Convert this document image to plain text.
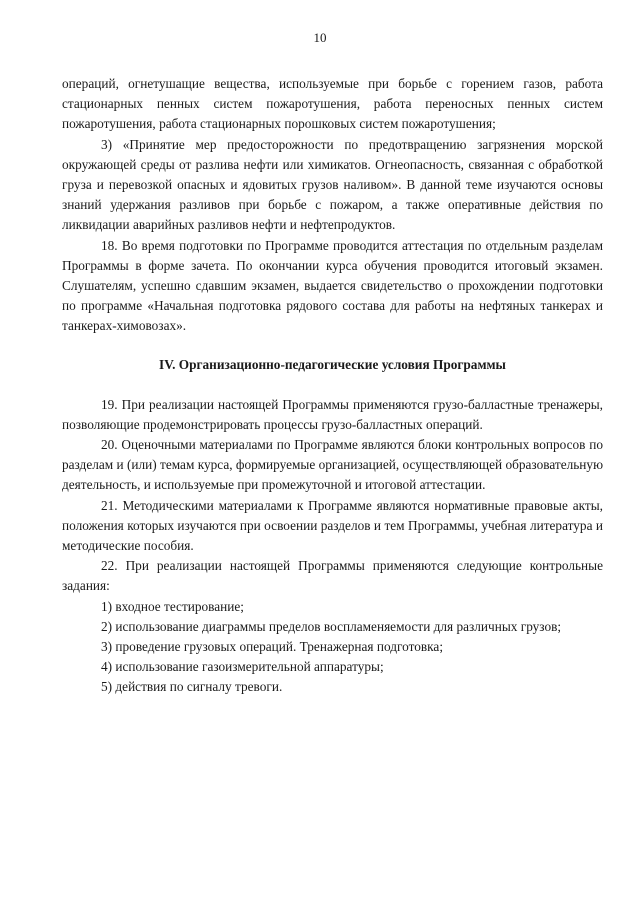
10

операций, огнетушащие вещества, используемые при борьбе с горением газов, работа стационарных пенных систем пожаротушения, работа переносных пенных систем пожаротушения, работа стационарных порошковых систем пожаротушения;

3) «Принятие мер предосторожности по предотвращению загрязнения морской окружающей среды от разлива нефти или химикатов. Огнеопасность, связанная с обработкой груза и перевозкой опасных и ядовитых грузов наливом». В данной теме изучаются основы знаний удержания разливов при борьбе с пожаром, а также оперативные действия по ликвидации аварийных разливов нефти и нефтепродуктов.

18. Во время подготовки по Программе проводится аттестация по отдельным разделам Программы в форме зачета. По окончании курса обучения проводится итоговый экзамен. Слушателям, успешно сдавшим экзамен, выдается свидетельство о прохождении подготовки по программе «Начальная подготовка рядового состава для работы на нефтяных танкерах и танкерах-химовозах».

IV. Организационно-педагогические условия Программы

19. При реализации настоящей Программы применяются грузо-балластные тренажеры, позволяющие продемонстрировать процессы грузо-балластных операций.

20. Оценочными материалами по Программе являются блоки контрольных вопросов по разделам и (или) темам курса, формируемые организацией, осуществляющей образовательную деятельность, и используемые при промежуточной и итоговой аттестации.

21. Методическими материалами к Программе являются нормативные правовые акты, положения которых изучаются при освоении разделов и тем Программы, учебная литература и методические пособия.

22. При реализации настоящей Программы применяются следующие контрольные задания:

1) входное тестирование;

2) использование диаграммы пределов воспламеняемости для различных грузов;

3) проведение грузовых операций. Тренажерная подготовка;

4) использование газоизмерительной аппаратуры;

5) действия по сигналу тревоги.
